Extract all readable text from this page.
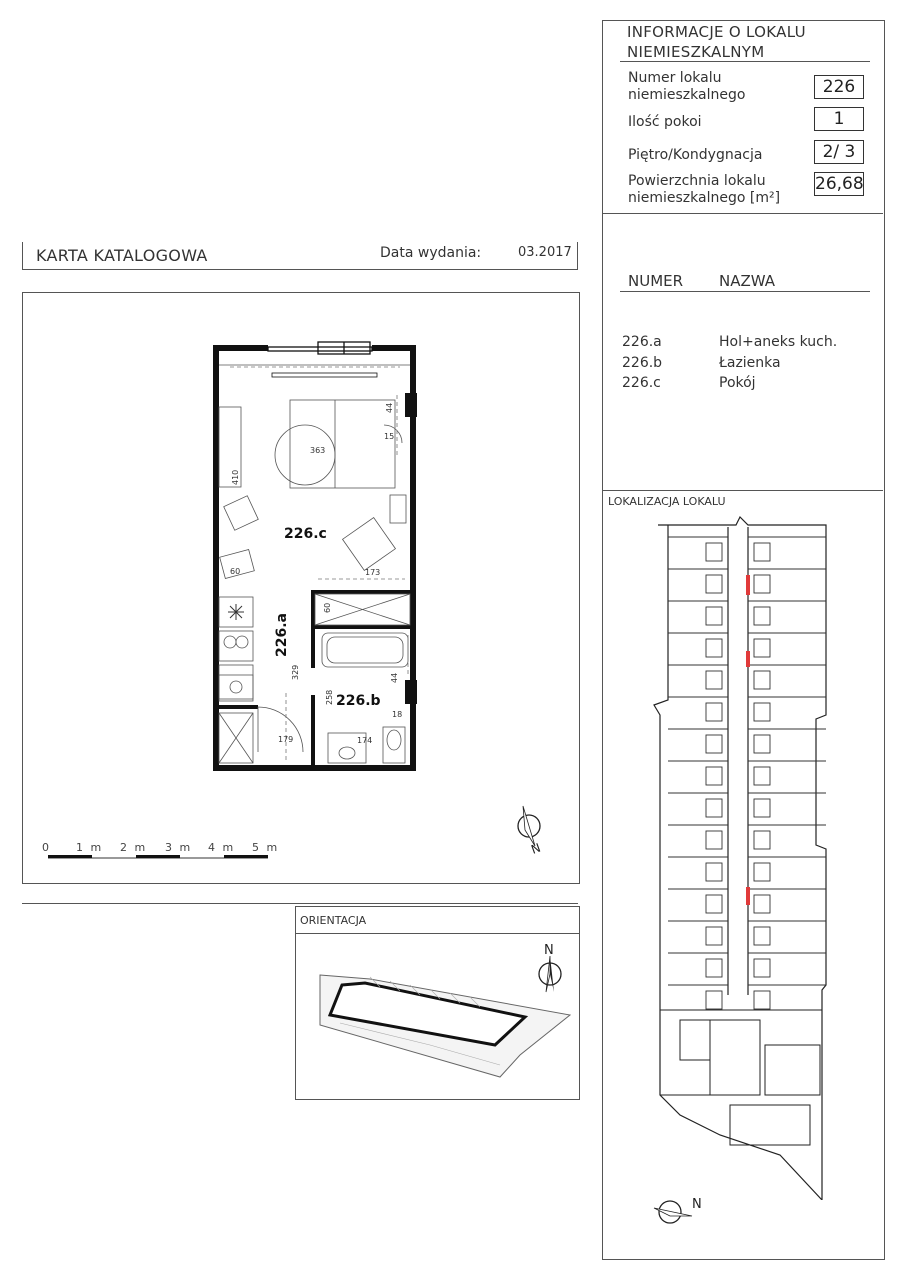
INFORMACJE O LOKALU
NIEMIESZKALNYM
Numer lokalu
niemieszkalnego	226
Ilość pokoi	1
Piętro/Kondygnacja	2/ 3
Powierzchnia lokalu
niemieszkalnego [m²]
26,68
NUMER NAZWA
226.a	Hol+aneks kuch.
226.b	Łazienka
226.c	Pokój
LOKALIZACJA LOKALU
N
KARTA KATALOGOWA	Data wydania:	03.2017
226.c
226.a
226.b
363
44
15
410
60	173
60
329
258
44
18
179	174
0 1 m 2 m 3 m 4 m 5 m	N
ORIENTACJA
N
